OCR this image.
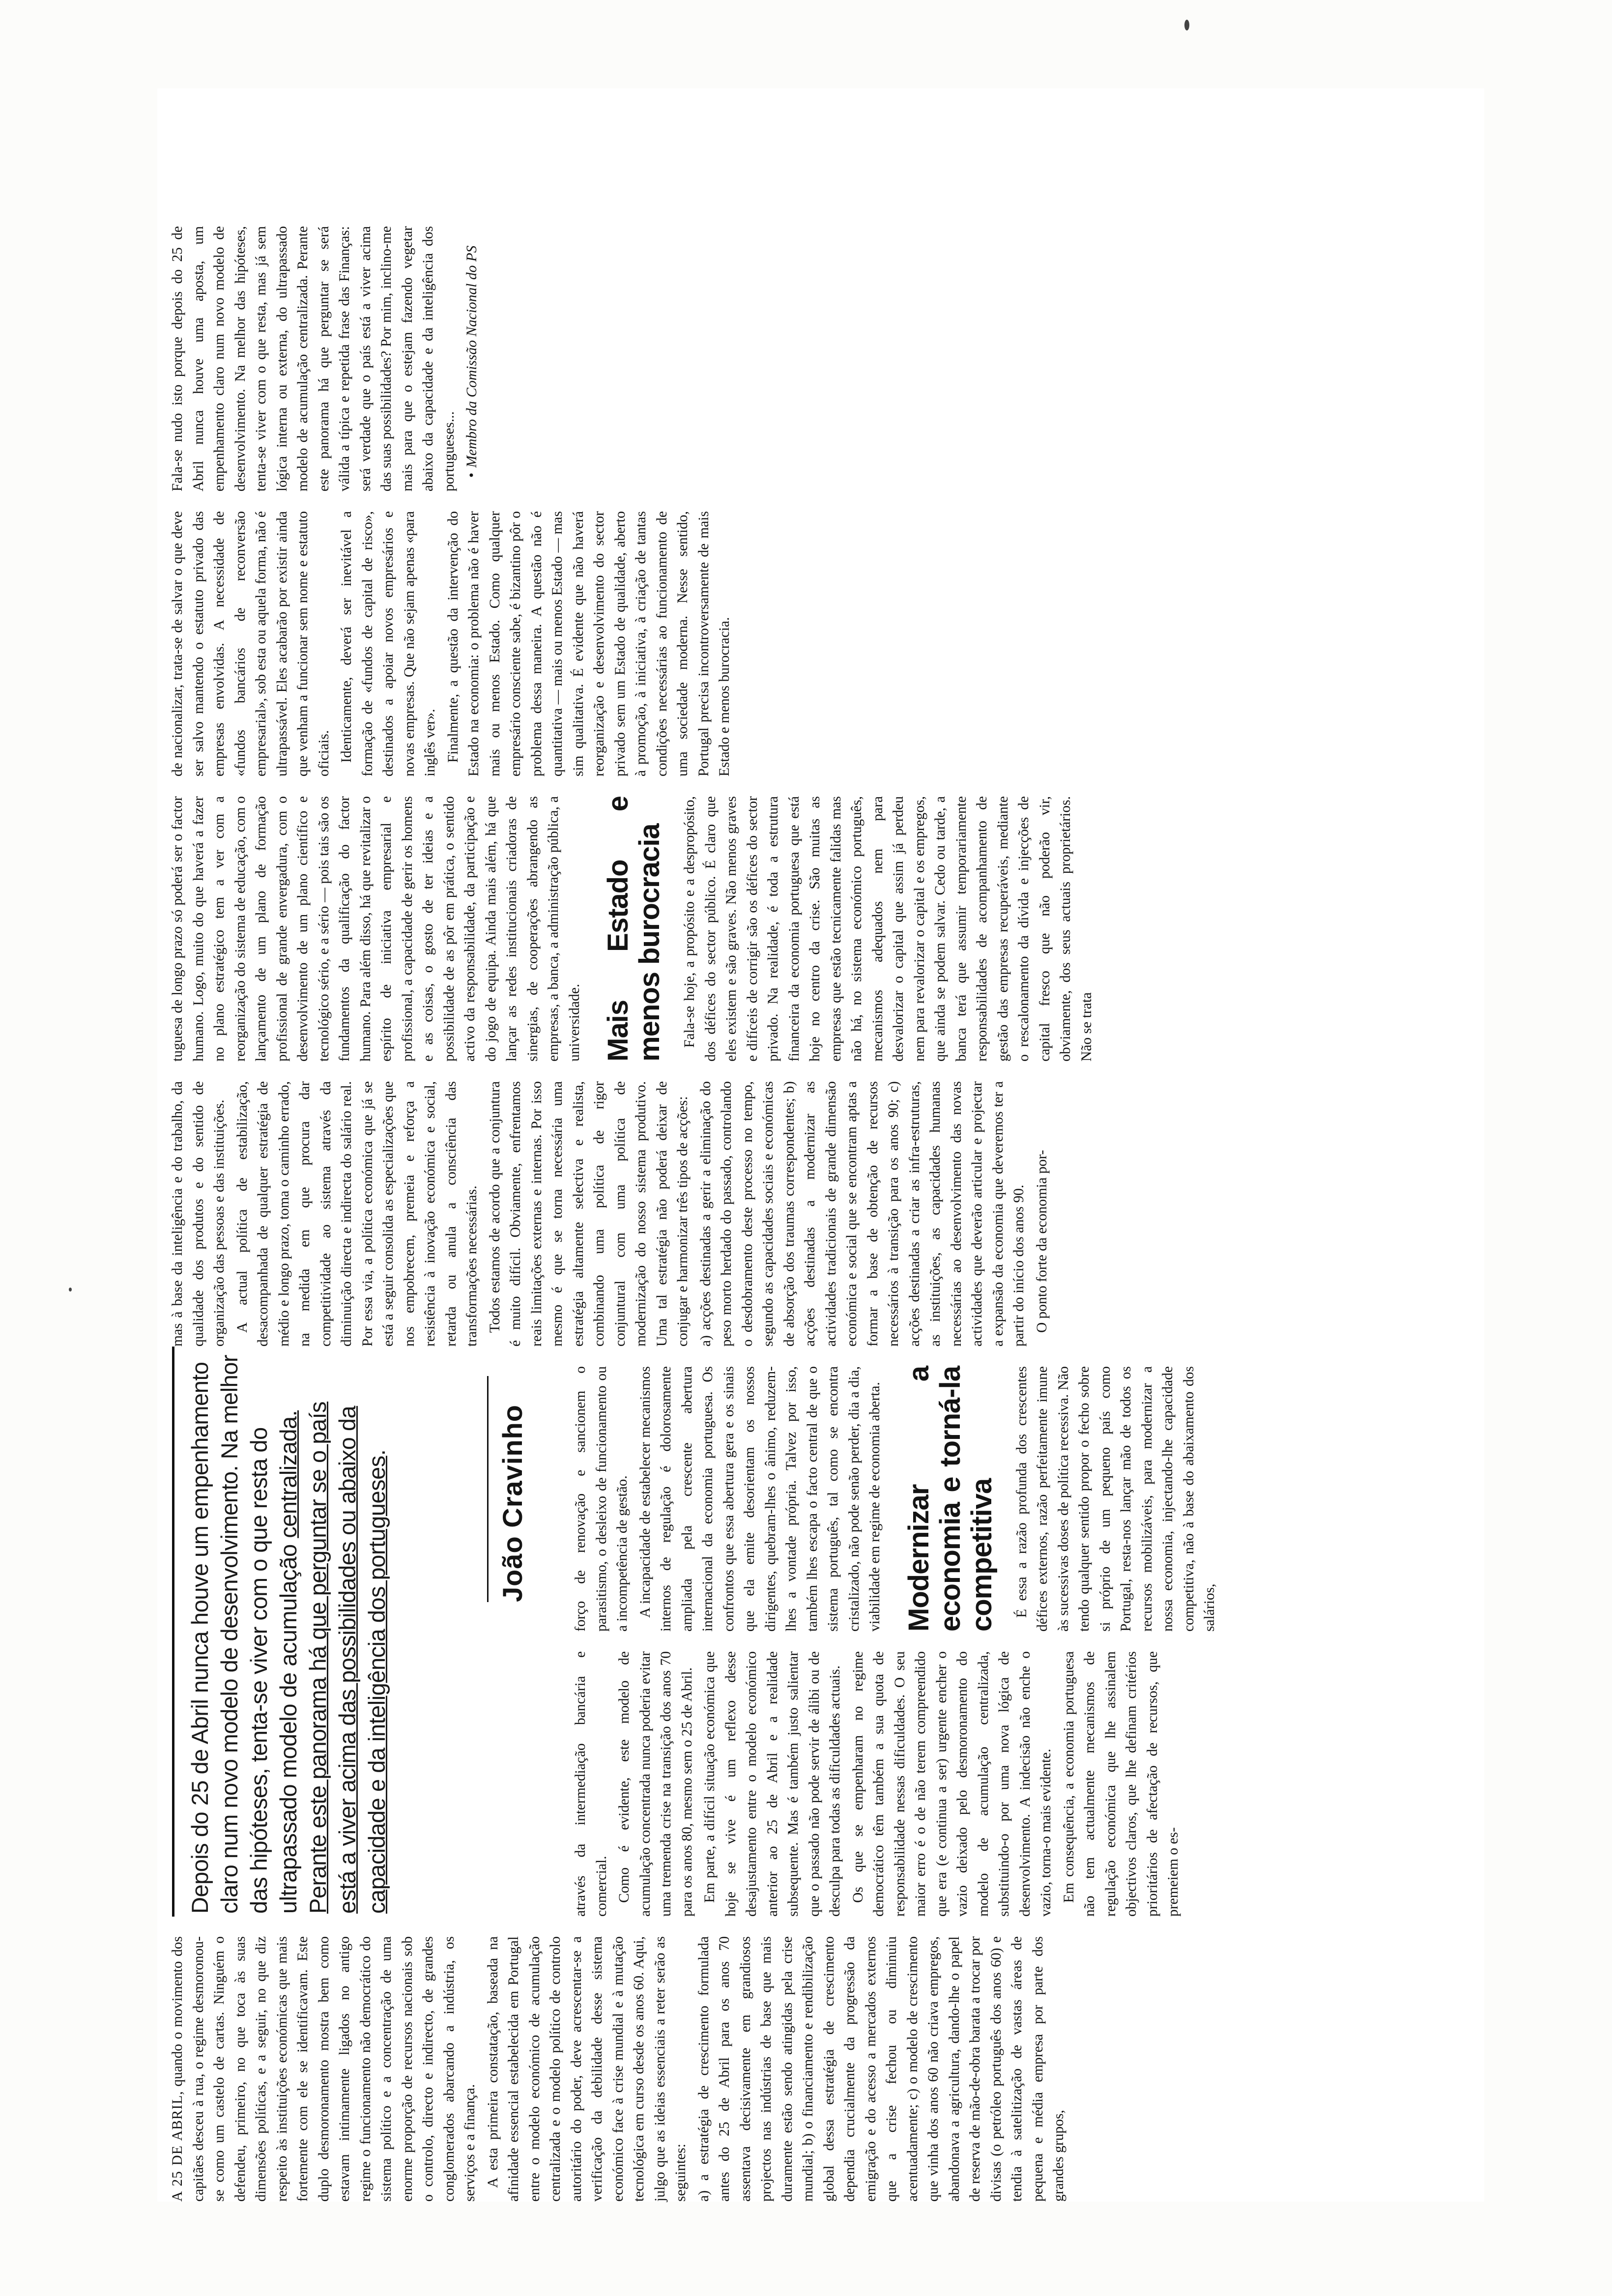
A 25 DE ABRIL, quando o movimento dos capitães desceu à rua, o regime desmoronou-se como um castelo de cartas. Ninguém o defendeu, primeiro, no que toca às suas dimensões políticas, e a seguir, no que diz respeito às instituições económicas que mais fortemente com ele se identificavam. Este duplo desmoronamento mostra bem como estavam intimamente ligados no antigo regime o funcionamento não democrático do sistema político e a concentração de uma enorme proporção de recursos nacionais sob o controlo, directo e indirecto, de grandes conglomerados abarcando a indústria, os serviços e a finança. A esta primeira constatação, baseada na afinidade essencial estabelecida em Portugal entre o modelo económico de acumulação centralizada e o modelo político de controlo autoritário do poder, deve acrescentar-se a verificação da debilidade desse sistema económico face à crise mundial e à mutação tecnológica em curso desde os anos 60. Aqui, julgo que as ideias essenciais a reter serão as seguintes: a) a estratégia de crescimento formulada antes do 25 de Abril para os anos 70 assentava decisivamente em grandiosos projectos nas indústrias de base que mais duramente estão sendo atingidas pela crise mundial; b) o financiamento e rendibilização global dessa estratégia de crescimento dependia crucialmente da progressão da emigração e do acesso a mercados externos que a crise fechou ou diminuiu acentuadamente; c) o modelo de crescimento que vinha dos anos 60 não criava empregos, abandonava a agricultura, dando-lhe o papel de reserva de mão-de-obra barata a trocar por divisas (o petróleo português dos anos 60) e tendia à satelitização de vastas áreas de pequena e média empresa por parte dos grandes grupos,

Depois do 25 de Abril nunca houve um empenhamento claro num novo modelo de desenvolvimento. Na melhor das hipóteses, tenta-se viver com o que resta do ultrapassado modelo de acumulação centralizada. Perante este panorama há que perguntar se o país está a viver acima das possibilidades ou abaixo da capacidade e da inteligência dos portugueses.	João Cravinho

através da intermediação bancária e comercial. Como é evidente, este modelo de acumulação concentrada nunca poderia evitar uma tremenda crise na transição dos anos 70 para os anos 80, mesmo sem o 25 de Abril. Em parte, a difícil situação económica que hoje se vive é um reflexo desse desajustamento entre o modelo económico anterior ao 25 de Abril e a realidade subsequente. Mas é também justo salientar que o passado não pode servir de álibi ou de desculpa para todas as dificuldades actuais. Os que se empenharam no regime democrático têm também a sua quota de responsabilidade nessas dificuldades. O seu maior erro é o de não terem compreendido que era (e continua a ser) urgente encher o vazio deixado pelo desmoronamento do modelo de acumulação centralizada, substituindo-o por uma nova lógica de desenvolvimento. A indecisão não enche o vazio, torna-o mais evidente. Em consequência, a economia portuguesa não tem actualmente mecanismos de regulação económica que lhe assinalem objectivos claros, que lhe definam critérios prioritários de afectação de recursos, que premeiem o es-

forço de renovação e sancionem o parasitismo, o desleixo de funcionamento ou a incompetência de gestão. A incapacidade de estabelecer mecanismos internos de regulação é dolorosamente ampliada pela crescente abertura internacional da economia portuguesa. Os confrontos que essa abertura gera e os sinais que ela emite desorientam os nossos dirigentes, quebram-lhes o ânimo, reduzem-lhes a vontade própria. Talvez por isso, também lhes escapa o facto central de que o sistema português, tal como se encontra cristalizado, não pode senão perder, dia a dia, viabilidade em regime de economia aberta. Modernizar a economia e torná-la competitiva É essa a razão profunda dos crescentes défices externos, razão perfeitamente imune às sucessivas doses de política recessiva. Não tendo qualquer sentido propor o fecho sobre si próprio de um pequeno país como Portugal, resta-nos lançar mão de todos os recursos mobilizáveis, para modernizar a nossa economia, injectando-lhe capacidade competitiva, não à base do abaixamento dos salários,

mas à base da inteligência e do trabalho, da qualidade dos produtos e do sentido de organização das pessoas e das instituições. A actual política de estabilização, desacompanhada de qualquer estratégia de médio e longo prazo, toma o caminho errado, na medida em que procura dar competitividade ao sistema através da diminuição directa e indirecta do salário real. Por essa via, a política económica que já se está a seguir consolida as especializações que nos empobrecem, premeia e reforça a resistência à inovação económica e social, retarda ou anula a consciência das transformações necessárias. Todos estamos de acordo que a conjuntura é muito difícil. Obviamente, enfrentamos reais limitações externas e internas. Por isso mesmo é que se torna necessária uma estratégia altamente selectiva e realista, combinando uma política de rigor conjuntural com uma política de modernização do nosso sistema produtivo. Uma tal estratégia não poderá deixar de conjugar e harmonizar três tipos de acções: a) acções destinadas a gerir a eliminação do peso morto herdado do passado, controlando o desdobramento deste processo no tempo, segundo as capacidades sociais e económicas de absorção dos traumas correspondentes; b) acções destinadas a modernizar as actividades tradicionais de grande dimensão económica e social que se encontram aptas a formar a base de obtenção de recursos necessários à transição para os anos 90; c) acções destinadas a criar as infra-estruturas, as instituições, as capacidades humanas necessárias ao desenvolvimento das novas actividades que deverão articular e projectar a expansão da economia que deveremos ter a partir do início dos anos 90. O ponto forte da economia por-

tuguesa de longo prazo só poderá ser o factor humano. Logo, muito do que haverá a fazer no plano estratégico tem a ver com a reorganização do sistema de educação, com o lançamento de um plano de formação profissional de grande envergadura, com o desenvolvimento de um plano científico e tecnológico sério, e a sério — pois tais são os fundamentos da qualificação do factor humano. Para além disso, há que revitalizar o espírito de iniciativa empresarial e profissional, a capacidade de gerir os homens e as coisas, o gosto de ter ideias e a possibilidade de as pôr em prática, o sentido activo da responsabilidade, da participação e do jogo de equipa. Ainda mais além, há que lançar as redes institucionais criadoras de sinergias, de cooperações abrangendo as empresas, a banca, a administração pública, a universidade. Mais Estado e menos burocracia Fala-se hoje, a propósito e a despropósito, dos défices do sector público. É claro que eles existem e são graves. Não menos graves e difíceis de corrigir são os défices do sector privado. Na realidade, é toda a estrutura financeira da economia portuguesa que está hoje no centro da crise. São muitas as empresas que estão tecnicamente falidas mas não há, no sistema económico português, mecanismos adequados nem para desvalorizar o capital que assim já perdeu nem para revalorizar o capital e os empregos, que ainda se podem salvar. Cedo ou tarde, a banca terá que assumir temporariamente responsabilidades de acompanhamento de gestão das empresas recuperáveis, mediante o rescalonamento da dívida e injecções de capital fresco que não poderão vir, obviamente, dos seus actuais proprietários. Não se trata

de nacionalizar, trata-se de salvar o que deve ser salvo mantendo o estatuto privado das empresas envolvidas. A necessidade de «fundos bancários de reconversão empresarial», sob esta ou aquela forma, não é ultrapassável. Eles acabarão por existir ainda que venham a funcionar sem nome e estatuto oficiais. Identicamente, deverá ser inevitável a formação de «fundos de capital de risco», destinados a apoiar novos empresários e novas empresas. Que não sejam apenas «para inglês ver». Finalmente, a questão da intervenção do Estado na economia: o problema não é haver mais ou menos Estado. Como qualquer empresário consciente sabe, é bizantino pôr o problema dessa maneira. A questão não é quantitativa — mais ou menos Estado — mas sim qualitativa. É evidente que não haverá reorganização e desenvolvimento do sector privado sem um Estado de qualidade, aberto à promoção, à iniciativa, à criação de tantas condições necessárias ao funcionamento de uma sociedade moderna. Nesse sentido, Portugal precisa incontroversamente de mais Estado e menos burocracia.

Fala-se nudo isto porque depois do 25 de Abril nunca houve uma aposta, um empenhamento claro num novo modelo de desenvolvimento. Na melhor das hipóteses, tenta-se viver com o que resta, mas já sem lógica interna ou externa, do ultrapassado modelo de acumulação centralizada. Perante este panorama há que perguntar se será válida a típica e repetida frase das Finanças: será verdade que o país está a viver acima das suas possibilidades? Por mim, inclino-me mais para que o estejam fazendo vegetar abaixo da capacidade e da inteligência dos portugueses... •Membro da Comissão Nacional do PS
